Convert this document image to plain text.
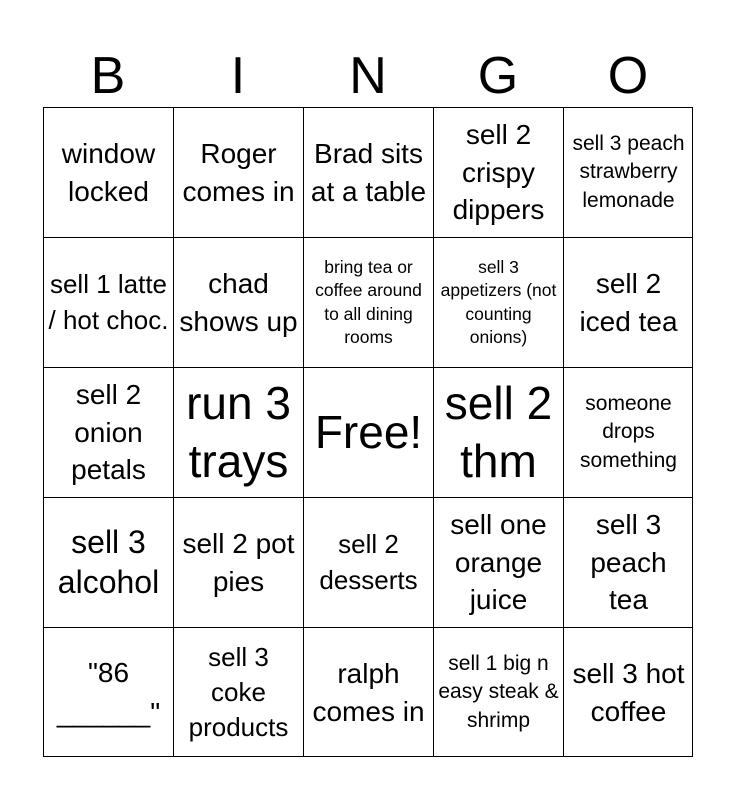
B	I	N	G	O
window locked
Roger comes in
Brad sits at a table
sell 2 crispy dippers
sell 3 peach strawberry lemonade
sell 1 latte / hot choc.
chad shows up
bring tea or coffee around to all dining rooms
sell 3 appetizers (not counting onions)
sell 2 iced tea
sell 2 onion petals
run 3 trays
Free!
sell 2 thm
someone drops something
sell 3 alcohol
sell 2 pot pies
sell 2 desserts
sell one orange juice
sell 3 peach tea
"86
______"
sell 3 coke products
ralph comes in
sell 1 big n easy steak & shrimp
sell 3 hot coffee
